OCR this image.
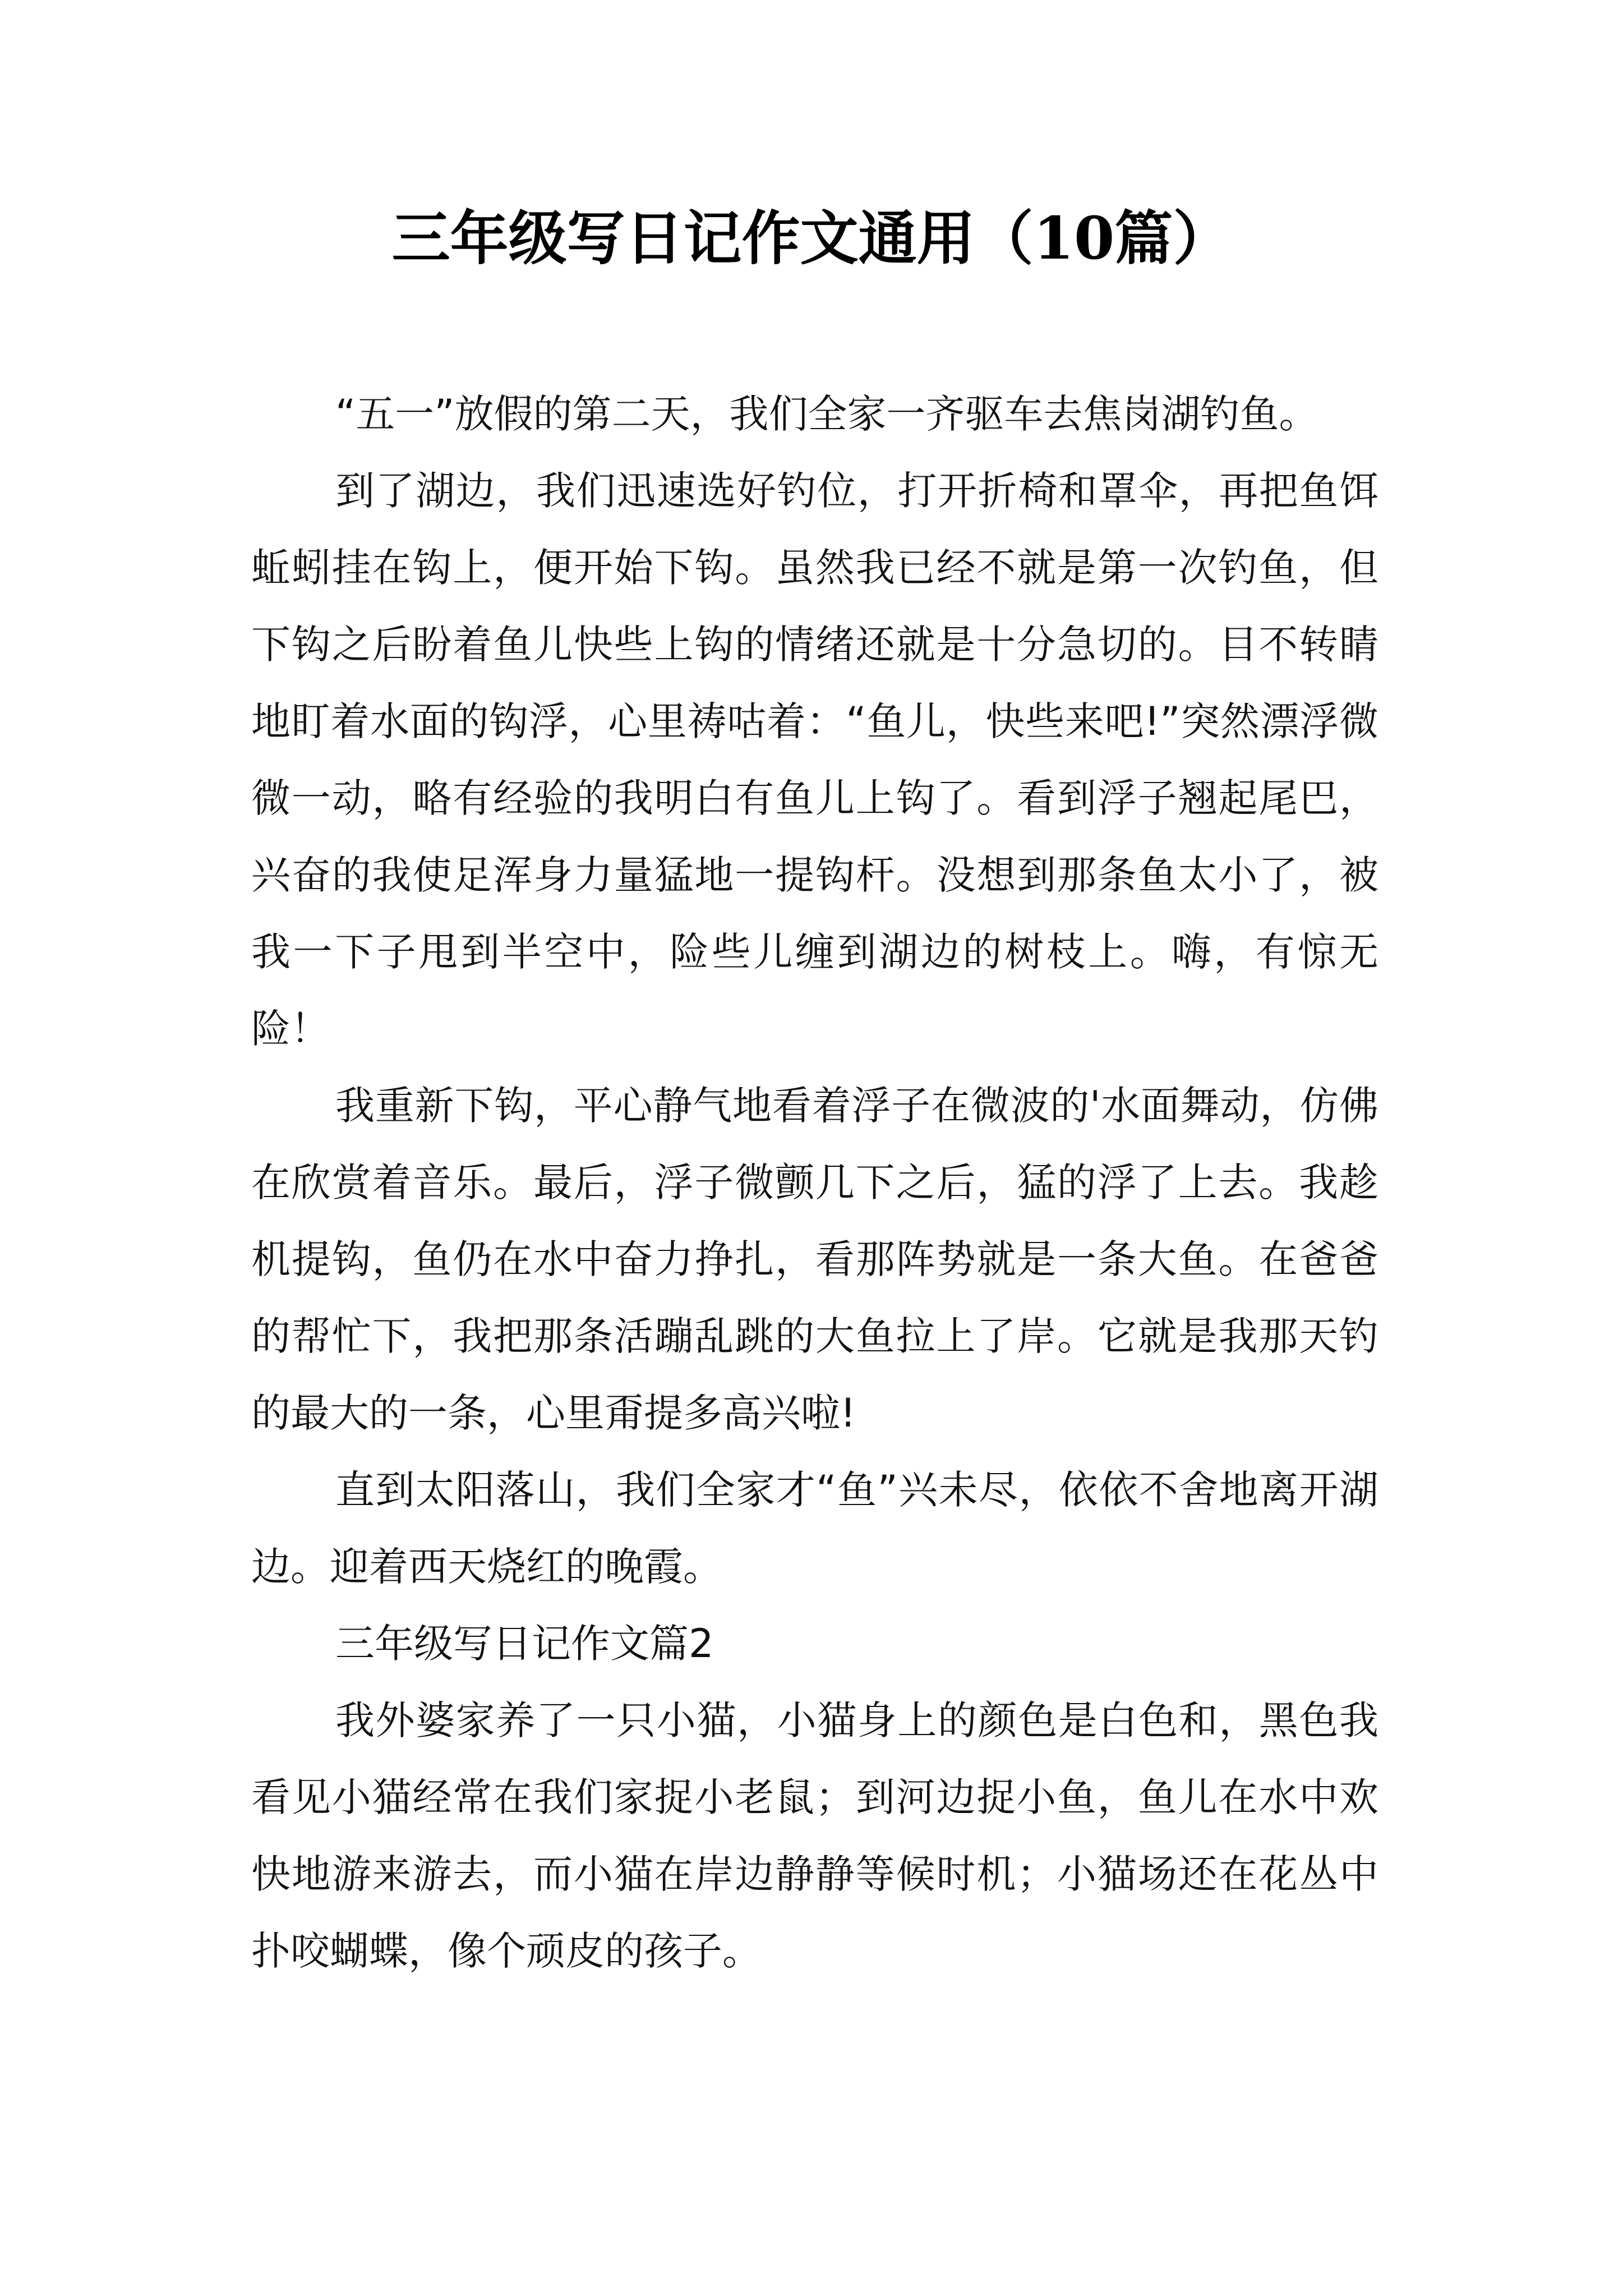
三年级写日记作文通用（10篇）

“五一”放假的第二天，我们全家一齐驱车去焦岗湖钓鱼。

到了湖边，我们迅速选好钓位，打开折椅和罩伞，再把鱼饵蚯蚓挂在钩上，便开始下钩。虽然我已经不就是第一次钓鱼，但下钩之后盼着鱼儿快些上钩的情绪还就是十分急切的。目不转睛地盯着水面的钩浮，心里祷咕着：“鱼儿，快些来吧!”突然漂浮微微一动，略有经验的我明白有鱼儿上钩了。看到浮子翘起尾巴，兴奋的我使足浑身力量猛地一提钩杆。没想到那条鱼太小了，被我一下子甩到半空中，险些儿缠到湖边的树枝上。嗨，有惊无险！

我重新下钩，平心静气地看着浮子在微波的'水面舞动，仿佛在欣赏着音乐。最后，浮子微颤几下之后，猛的浮了上去。我趁机提钩，鱼仍在水中奋力挣扎，看那阵势就是一条大鱼。在爸爸的帮忙下，我把那条活蹦乱跳的大鱼拉上了岸。它就是我那天钓的最大的一条，心里甭提多高兴啦!

直到太阳落山，我们全家才“鱼”兴未尽，依依不舍地离开湖边。迎着西天烧红的晚霞。

三年级写日记作文篇2

我外婆家养了一只小猫，小猫身上的颜色是白色和，黑色我看见小猫经常在我们家捉小老鼠；到河边捉小鱼，鱼儿在水中欢快地游来游去，而小猫在岸边静静等候时机；小猫场还在花丛中扑咬蝴蝶，像个顽皮的孩子。
